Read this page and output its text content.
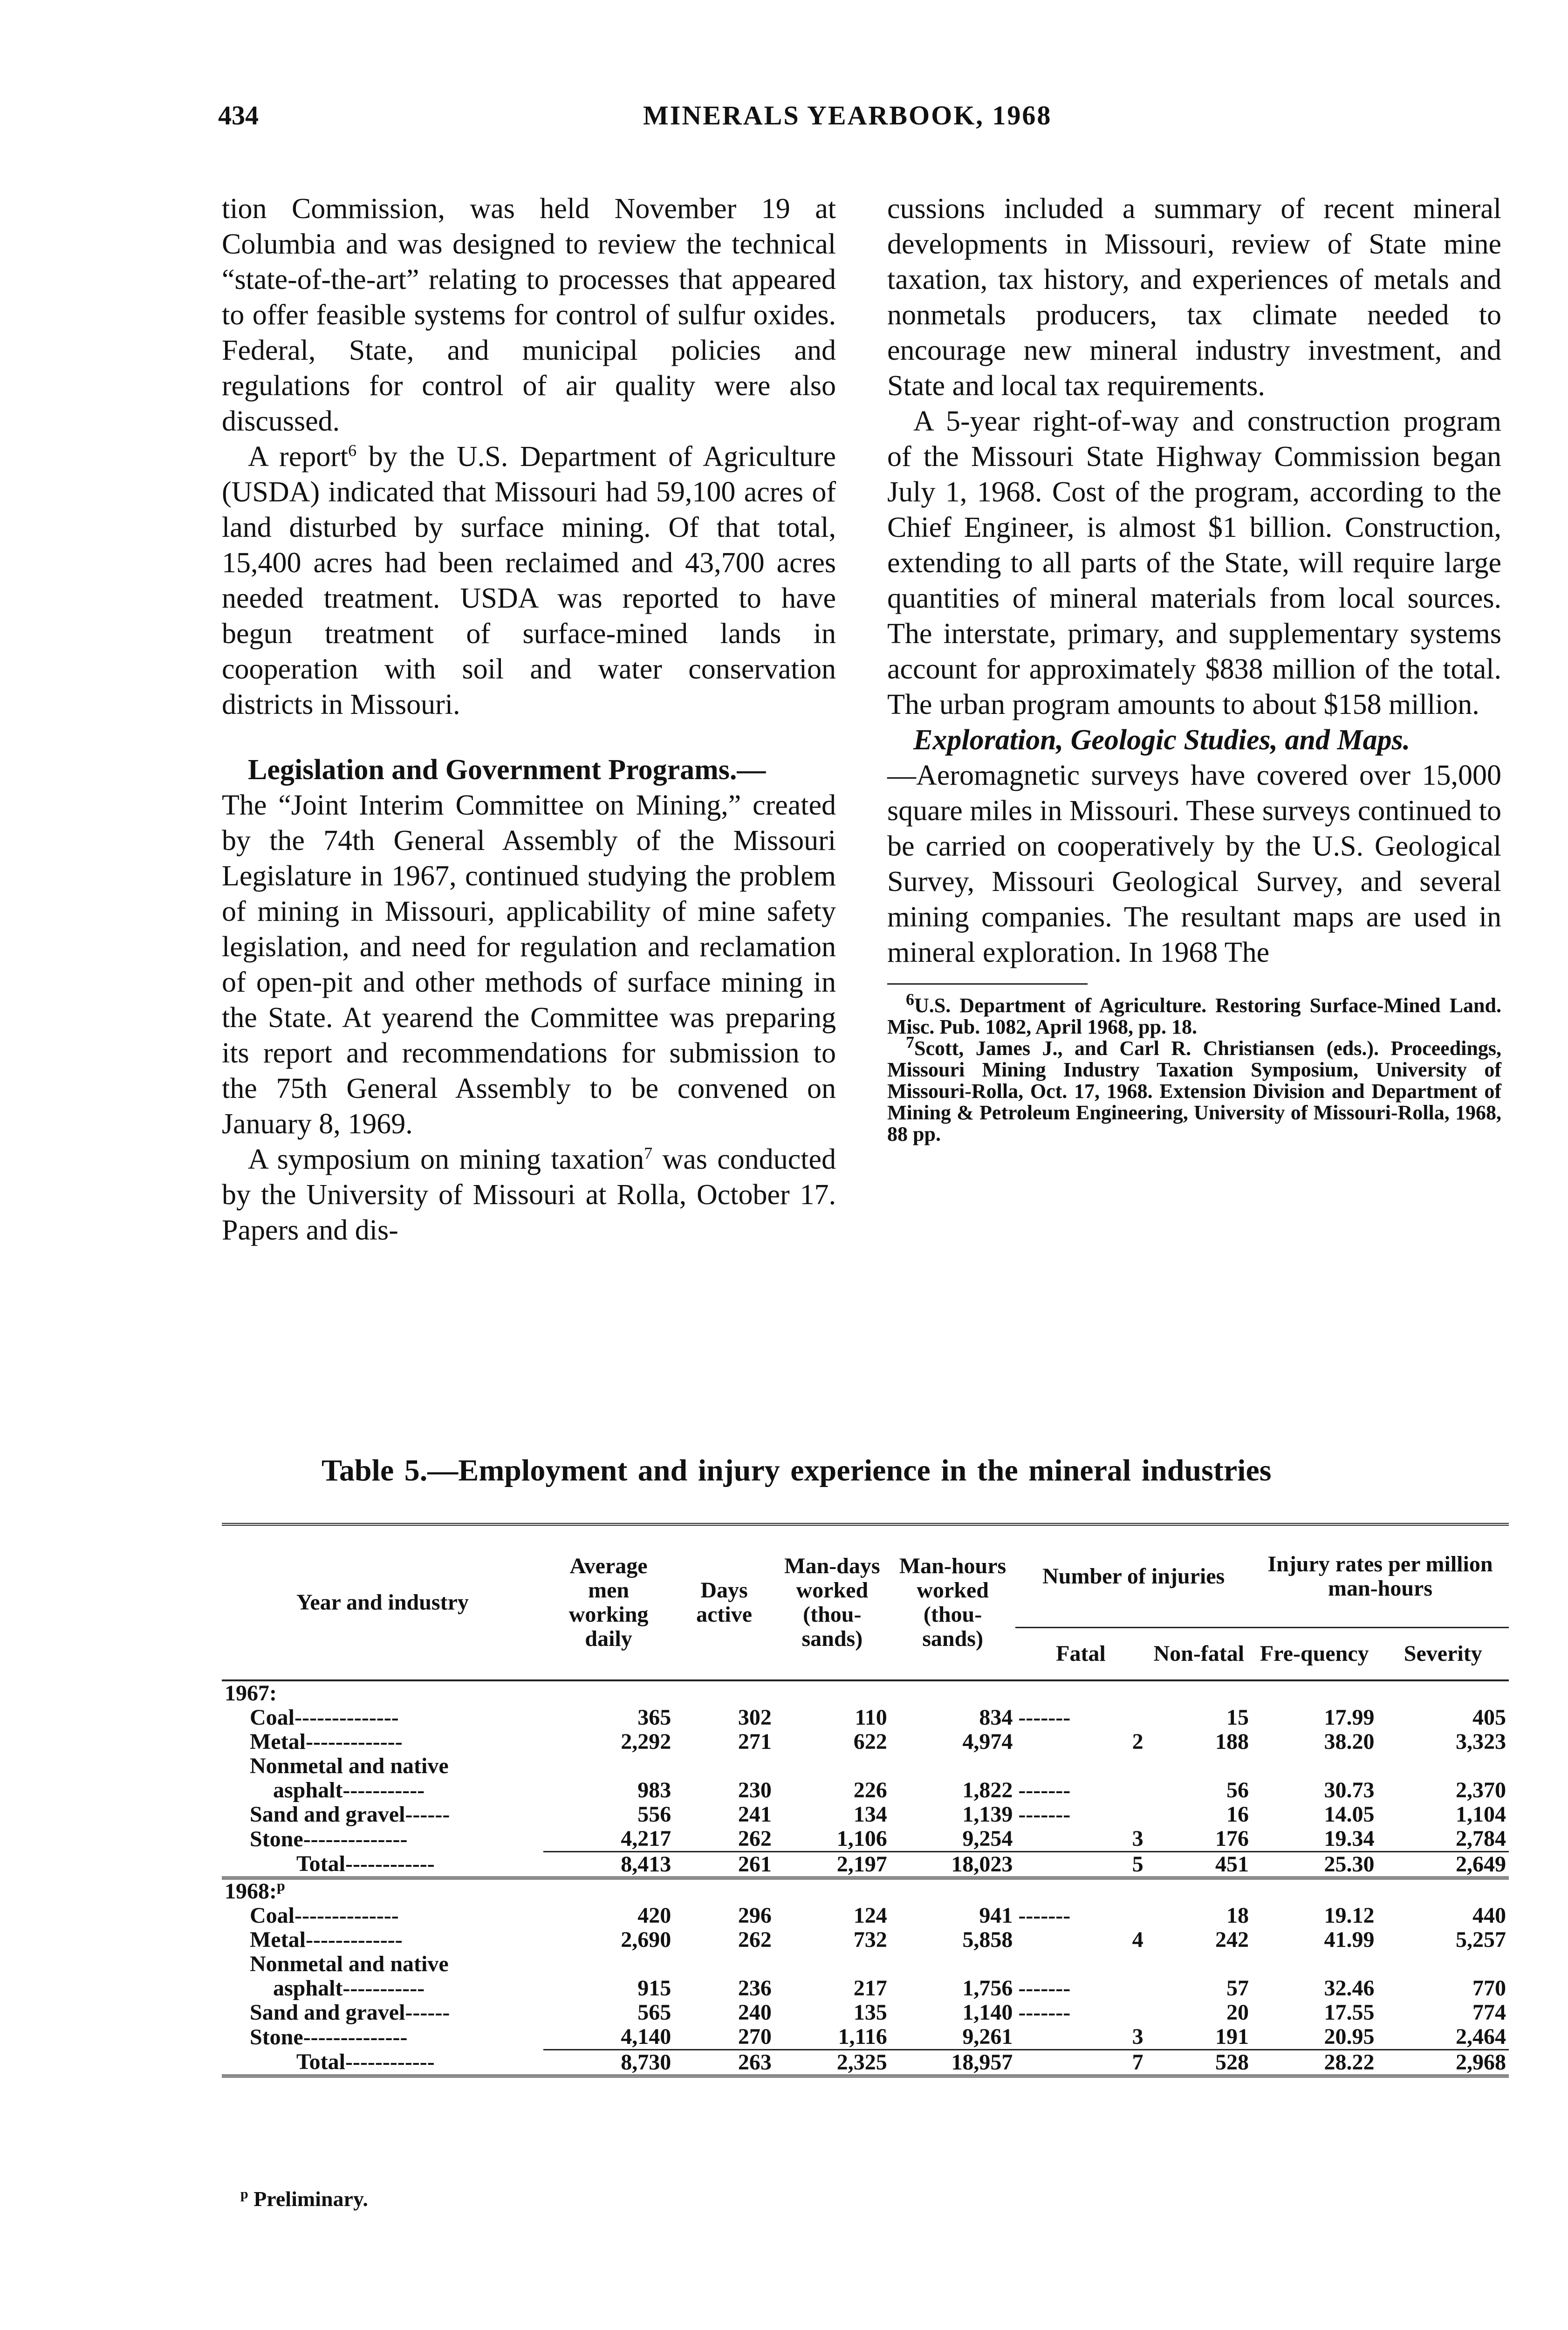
434	MINERALS YEARBOOK, 1968

tion Commission, was held November 19 at Columbia and was designed to review the technical “state-of-the-art” relating to processes that appeared to offer feasible systems for control of sulfur oxides. Federal, State, and municipal policies and regulations for control of air quality were also discussed.

A report$^6$ by the U.S. Department of Agriculture (USDA) indicated that Missouri had 59,100 acres of land disturbed by surface mining. Of that total, 15,400 acres had been reclaimed and 43,700 acres needed treatment. USDA was reported to have begun treatment of surface-mined lands in cooperation with soil and water conservation districts in Missouri.

Legislation and Government Programs.—
The “Joint Interim Committee on Mining,” created by the 74th General Assembly of the Missouri Legislature in 1967, continued studying the problem of mining in Missouri, applicability of mine safety legislation, and need for regulation and reclamation of open-pit and other methods of surface mining in the State. At yearend the Committee was preparing its report and recommendations for submission to the 75th General Assembly to be convened on January 8, 1969.

A symposium on mining taxation$^7$ was conducted by the University of Missouri at Rolla, October 17. Papers and dis-

cussions included a summary of recent mineral developments in Missouri, review of State mine taxation, tax history, and experiences of metals and nonmetals producers, tax climate needed to encourage new mineral industry investment, and State and local tax requirements.

A 5-year right-of-way and construction program of the Missouri State Highway Commission began July 1, 1968. Cost of the program, according to the Chief Engineer, is almost $1 billion. Construction, extending to all parts of the State, will require large quantities of mineral materials from local sources. The interstate, primary, and supplementary systems account for approximately $838 million of the total. The urban program amounts to about $158 million.

Exploration, Geologic Studies, and Maps.
—Aeromagnetic surveys have covered over 15,000 square miles in Missouri. These surveys continued to be carried on cooperatively by the U.S. Geological Survey, Missouri Geological Survey, and several mining companies. The resultant maps are used in mineral exploration. In 1968 The

$^6$U.S. Department of Agriculture. Restoring Surface-Mined Land. Misc. Pub. 1082, April 1968, pp. 18.

$^7$Scott, James J., and Carl R. Christiansen (eds.). Proceedings, Missouri Mining Industry Taxation Symposium, University of Missouri-Rolla, Oct. 17, 1968. Extension Division and Department of Mining & Petroleum Engineering, University of Missouri-Rolla, 1968, 88 pp.

Table 5.—Employment and injury experience in the mineral industries
Year and industry	Average men working daily	Days active	Man-days worked (thou-sands)	Man-hours worked (thou-sands)	Number of injuries		Injury rates per million man-hours	
					Fatal	Non-fatal	Fre-quency	Severity
1967:								
Coal--------------	365	302	110	834	-------	15	17.99	405
Metal-------------	2,292	271	622	4,974	2	188	38.20	3,323
Nonmetal and native								
asphalt-----------	983	230	226	1,822	-------	56	30.73	2,370
Sand and gravel------	556	241	134	1,139	-------	16	14.05	1,104
Stone--------------	4,217	262	1,106	9,254	3	176	19.34	2,784
Total------------	8,413	261	2,197	18,023	5	451	25.30	2,649
1968:$^p$
Coal--------------	420	296	124	941	-------	18	19.12	440
Metal-------------	2,690	262	732	5,858	4	242	41.99	5,257
Nonmetal and native								
asphalt-----------	915	236	217	1,756	-------	57	32.46	770
Sand and gravel------	565	240	135	1,140	-------	20	17.55	774
Stone--------------	4,140	270	1,116	9,261	3	191	20.95	2,464
Total------------	8,730	263	2,325	18,957	7	528	28.22	2,968
$^p$ Preliminary.
